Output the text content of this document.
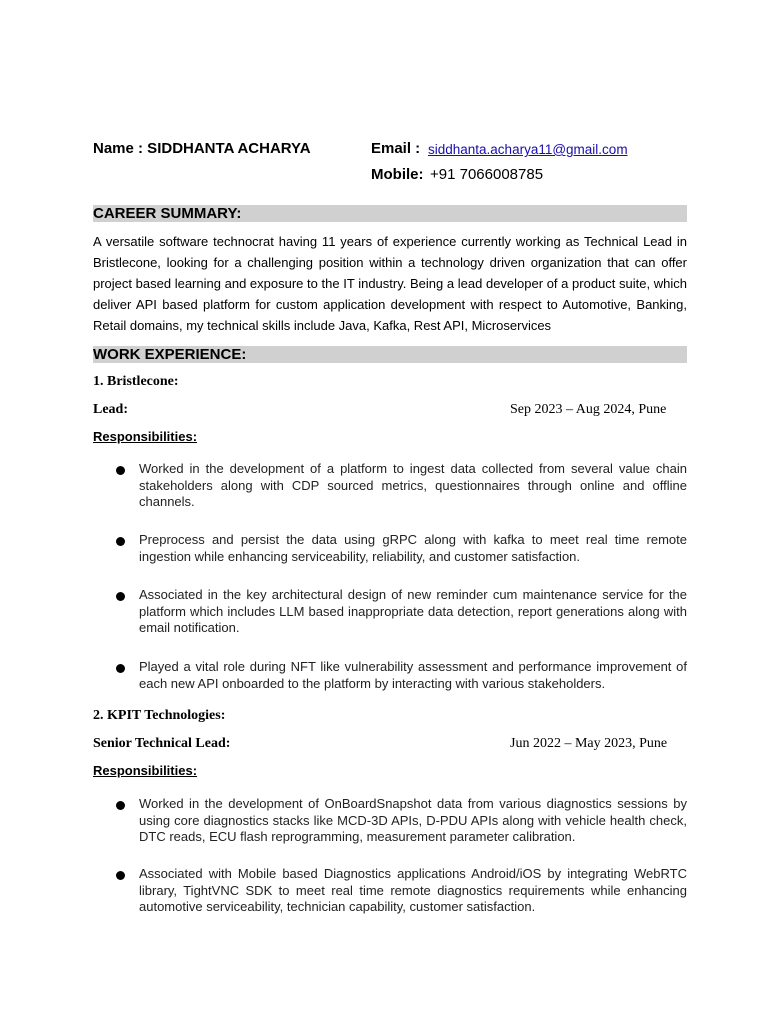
Name : SIDDHANTA ACHARYA	Email : siddhanta.acharya11@gmail.com
Mobile: +91 7066008785
CAREER SUMMARY:
A versatile software technocrat having 11 years of experience currently working as Technical Lead in Bristlecone, looking for a challenging position within a technology driven organization that can offer project based learning and exposure to the IT industry. Being a lead developer of a product suite, which deliver API based platform for custom application development with respect to Automotive, Banking, Retail domains, my technical skills include Java, Kafka, Rest API, Microservices
WORK EXPERIENCE:
1. Bristlecone:
Lead:	Sep 2023 – Aug 2024, Pune
Responsibilities:
Worked in the development of a platform to ingest data collected from several value chain stakeholders along with CDP sourced metrics, questionnaires through online and offline channels.
Preprocess and persist the data using gRPC along with kafka to meet real time remote ingestion while enhancing serviceability, reliability, and customer satisfaction.
Associated in the key architectural design of new reminder cum maintenance service for the platform which includes LLM based inappropriate data detection, report generations along with email notification.
Played a vital role during NFT like vulnerability assessment and performance improvement of each new API onboarded to the platform by interacting with various stakeholders.
2. KPIT Technologies:
Senior Technical Lead:	Jun 2022 – May 2023, Pune
Responsibilities:
Worked in the development of OnBoardSnapshot data from various diagnostics sessions by using core diagnostics stacks like MCD-3D APIs, D-PDU APIs along with vehicle health check, DTC reads, ECU flash reprogramming, measurement parameter calibration.
Associated with Mobile based Diagnostics applications Android/iOS by integrating WebRTC library, TightVNC SDK to meet real time remote diagnostics requirements while enhancing automotive serviceability, technician capability, customer satisfaction.
